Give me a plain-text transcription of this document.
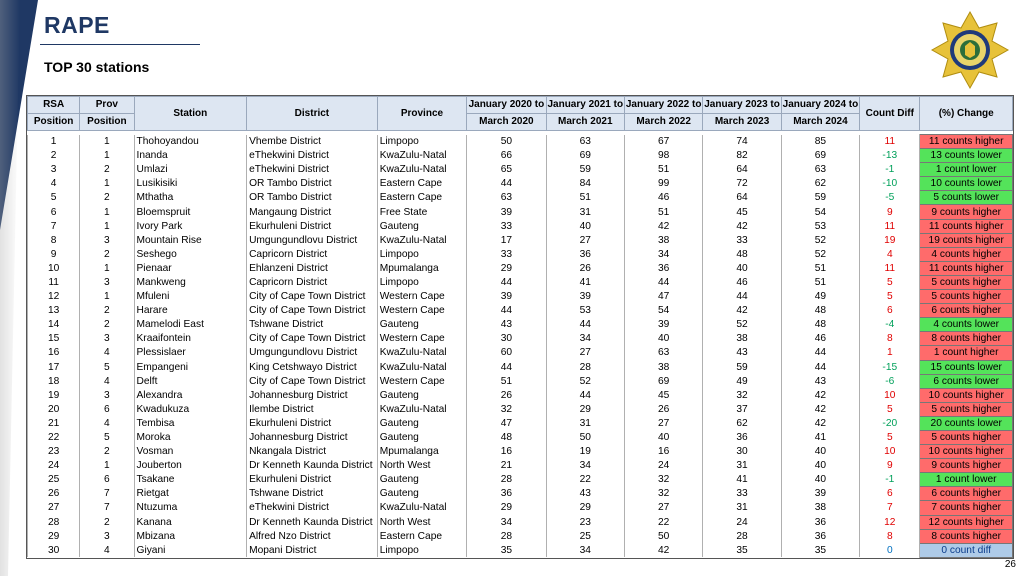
RAPE
TOP 30 stations
RSA	Prov	Station	District	Province	January 2020 to	January 2021 to	January 2022 to	January 2023 to	January 2024 to	Count Diff	(%) Change
Position	Position				March 2020	March 2021	March 2022	March 2023	March 2024		

1	1	Thohoyandou	Vhembe District	Limpopo	50	63	67	74	85	11	11 counts higher
2	1	Inanda	eThekwini District	KwaZulu-Natal	66	69	98	82	69	-13	13 counts lower
3	2	Umlazi	eThekwini District	KwaZulu-Natal	65	59	51	64	63	-1	1 count lower
4	1	Lusikisiki	OR Tambo District	Eastern Cape	44	84	99	72	62	-10	10 counts lower
5	2	Mthatha	OR Tambo District	Eastern Cape	63	51	46	64	59	-5	5 counts lower
6	1	Bloemspruit	Mangaung District	Free State	39	31	51	45	54	9	9 counts higher
7	1	Ivory Park	Ekurhuleni District	Gauteng	33	40	42	42	53	11	11 counts higher
8	3	Mountain Rise	Umgungundlovu District	KwaZulu-Natal	17	27	38	33	52	19	19 counts higher
9	2	Seshego	Capricorn District	Limpopo	33	36	34	48	52	4	4 counts higher
10	1	Pienaar	Ehlanzeni District	Mpumalanga	29	26	36	40	51	11	11 counts higher
11	3	Mankweng	Capricorn District	Limpopo	44	41	44	46	51	5	5 counts higher
12	1	Mfuleni	City of Cape Town District	Western Cape	39	39	47	44	49	5	5 counts higher
13	2	Harare	City of Cape Town District	Western Cape	44	53	54	42	48	6	6 counts higher
14	2	Mamelodi East	Tshwane District	Gauteng	43	44	39	52	48	-4	4 counts lower
15	3	Kraaifontein	City of Cape Town District	Western Cape	30	34	40	38	46	8	8 counts higher
16	4	Plessislaer	Umgungundlovu District	KwaZulu-Natal	60	27	63	43	44	1	1 count higher
17	5	Empangeni	King Cetshwayo District	KwaZulu-Natal	44	28	38	59	44	-15	15 counts lower
18	4	Delft	City of Cape Town District	Western Cape	51	52	69	49	43	-6	6 counts lower
19	3	Alexandra	Johannesburg District	Gauteng	26	44	45	32	42	10	10 counts higher
20	6	Kwadukuza	Ilembe District	KwaZulu-Natal	32	29	26	37	42	5	5 counts higher
21	4	Tembisa	Ekurhuleni District	Gauteng	47	31	27	62	42	-20	20 counts lower
22	5	Moroka	Johannesburg District	Gauteng	48	50	40	36	41	5	5 counts higher
23	2	Vosman	Nkangala District	Mpumalanga	16	19	16	30	40	10	10 counts higher
24	1	Jouberton	Dr Kenneth Kaunda District	North West	21	34	24	31	40	9	9 counts higher
25	6	Tsakane	Ekurhuleni District	Gauteng	28	22	32	41	40	-1	1 count lower
26	7	Rietgat	Tshwane District	Gauteng	36	43	32	33	39	6	6 counts higher
27	7	Ntuzuma	eThekwini District	KwaZulu-Natal	29	29	27	31	38	7	7 counts higher
28	2	Kanana	Dr Kenneth Kaunda District	North West	34	23	22	24	36	12	12 counts higher
29	3	Mbizana	Alfred Nzo District	Eastern Cape	28	25	50	28	36	8	8 counts higher
30	4	Giyani	Mopani District	Limpopo	35	34	42	35	35	0	0 count diff
26
